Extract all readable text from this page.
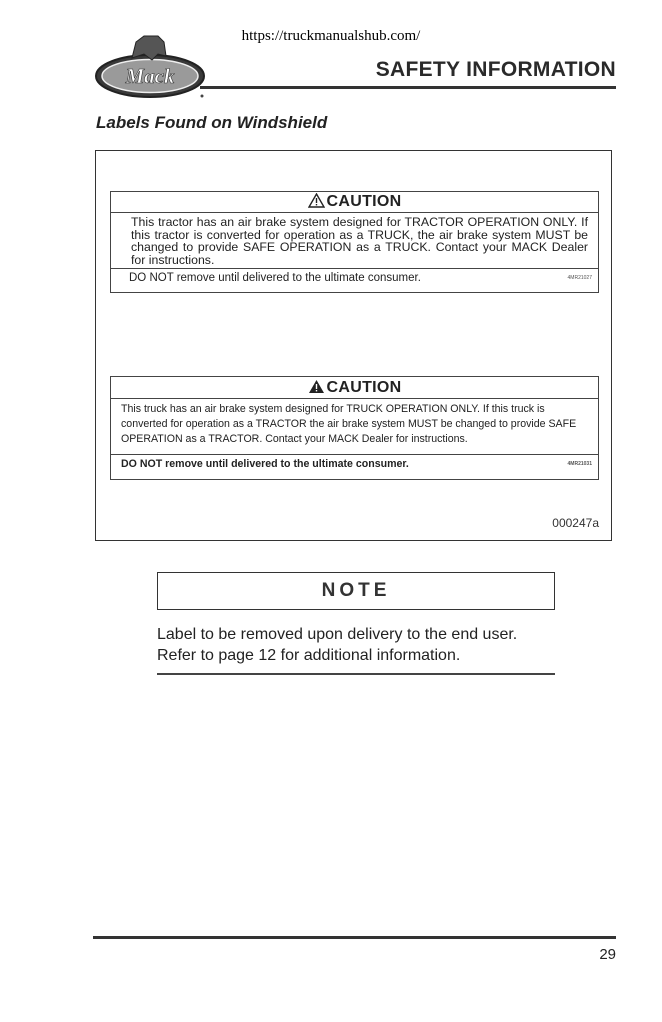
https://truckmanualshub.com/
Mack	SAFETY INFORMATION
Labels Found on Windshield
CAUTION
This tractor has an air brake system designed for TRACTOR OPERATION ONLY. If this tractor is converted for operation as a TRUCK, the air brake system MUST be changed to provide SAFE OPERATION as a TRUCK. Contact your MACK Dealer for instructions.
DO NOT remove until delivered to the ultimate consumer.	4MR21027
CAUTION
This truck has an air brake system designed for TRUCK OPERATION ONLY. If this truck is converted for operation as a TRACTOR the air brake system MUST be changed to provide SAFE OPERATION as a TRACTOR. Contact your MACK Dealer for instructions.
DO NOT remove until delivered to the ultimate consumer.	4MR21031
000247a
NOTE
Label to be removed upon delivery to the end user.
Refer to page 12 for additional information.
29
